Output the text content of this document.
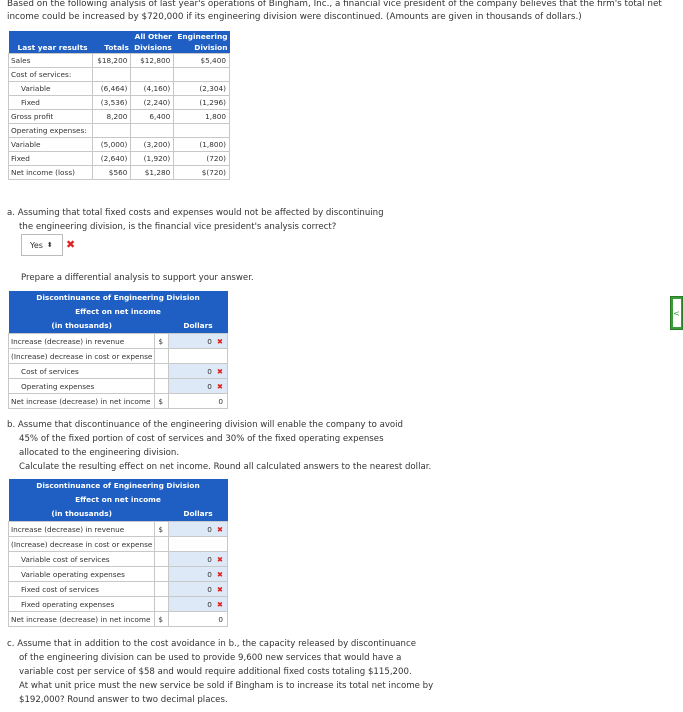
Based on the following analysis of last year's operations of Bingham, Inc., a financial vice president of the company believes that the firm's total net income could be increased by $720,000 if its engineering division were discontinued. (Amounts are given in thousands of dollars.)
		All Other	Engineering
Last year results	Totals	Divisions	Division
Sales	$18,200	$12,800	$5,400
Cost of services:			
Variable	(6,464)	(4,160)	(2,304)
Fixed	(3,536)	(2,240)	(1,296)
Gross profit	8,200	6,400	1,800
Operating expenses:			
Variable	(5,000)	(3,200)	(1,800)
Fixed	(2,640)	(1,920)	(720)
Net income (loss)	$560	$1,280	$(720)
a. Assuming that total fixed costs and expenses would not be affected by discontinuing
the engineering division, is the financial vice president's analysis correct?
Yes ⬍ ✖
Prepare a differential analysis to support your answer.
Discontinuance of Engineering Division		
Effect on net income		
(in thousands)		Dollars
Increase (decrease) in revenue	$	0 ✖
(Increase) decrease in cost or expense		
Cost of services		0 ✖
Operating expenses		0 ✖
Net increase (decrease) in net income	$	0
b. Assume that discontinuance of the engineering division will enable the company to avoid
45% of the fixed portion of cost of services and 30% of the fixed operating expenses
allocated to the engineering division.
Calculate the resulting effect on net income. Round all calculated answers to the nearest dollar.
Discontinuance of Engineering Division		
Effect on net income		
(in thousands)		Dollars
Increase (decrease) in revenue	$	0 ✖
(Increase) decrease in cost or expense		
Variable cost of services		0 ✖
Variable operating expenses		0 ✖
Fixed cost of services		0 ✖
Fixed operating expenses		0 ✖
Net increase (decrease) in net income	$	0
c. Assume that in addition to the cost avoidance in b., the capacity released by discontinuance
of the engineering division can be used to provide 9,600 new services that would have a
variable cost per service of $58 and would require additional fixed costs totaling $115,200.
At what unit price must the new service be sold if Bingham is to increase its total net income by
$192,000? Round answer to two decimal places.
<
